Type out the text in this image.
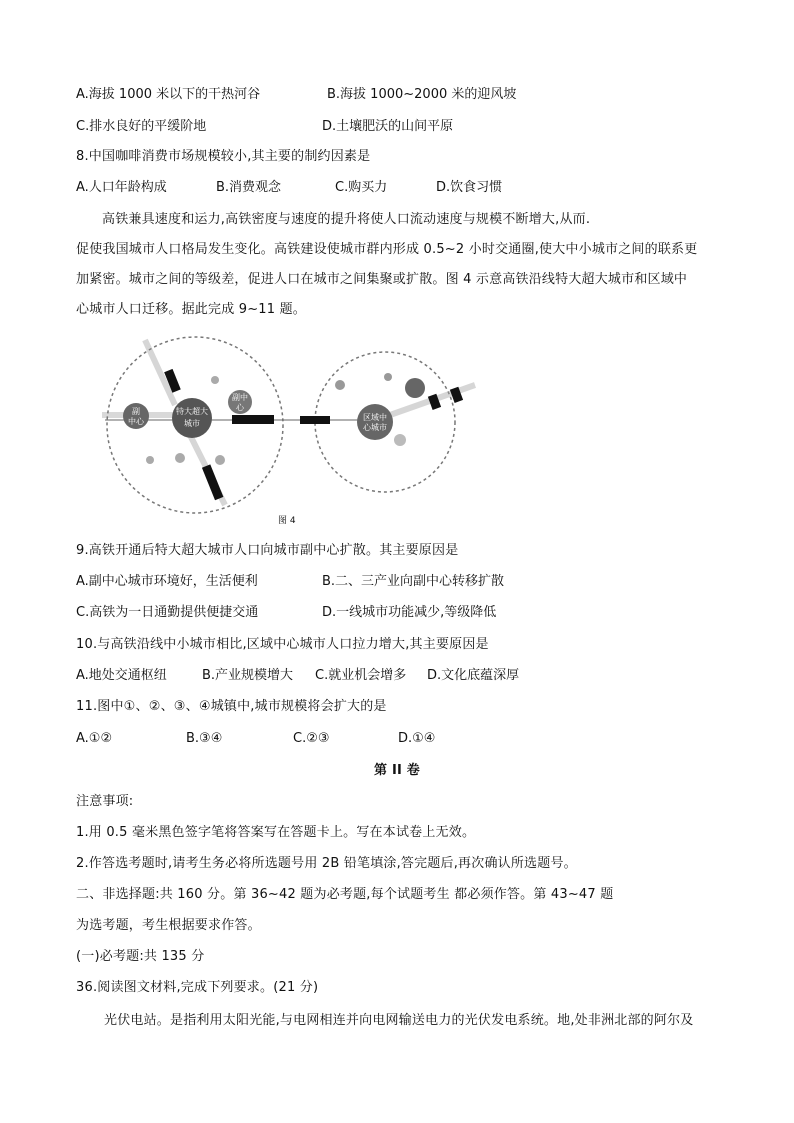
A.海拔 1000 米以下的干热河谷	B.海拔 1000~2000 米的迎风坡
C.排水良好的平缓阶地	D.土壤肥沃的山间平原
8.中国咖啡消费市场规模较小,其主要的制约因素是
A.人口年龄构成	B.消费观念	C.购买力	D.饮食习惯
高铁兼具速度和运力,高铁密度与速度的提升将使人口流动速度与规模不断增大,从而.
促使我国城市人口格局发生变化。高铁建设使城市群内形成 0.5~2 小时交通圈,使大中小城市之间的联系更
加紧密。城市之间的等级差，促进人口在城市之间集聚或扩散。图 4 示意高铁沿线特大超大城市和区域中
心城市人口迁移。据此完成 9~11 题。
特大超大
城市
副
中心
副中
心
区域中
心城市
图 4
9.高铁开通后特大超大城市人口向城市副中心扩散。其主要原因是
A.副中心城市环境好，生活便利	B.二、三产业向副中心转移扩散
C.高铁为一日通勤提供便捷交通	D.一线城市功能减少,等级降低
10.与高铁沿线中小城市相比,区域中心城市人口拉力增大,其主要原因是
A.地处交通枢纽	B.产业规模增大 C.就业机会增多 D.文化底蕴深厚
11.图中①、②、③、④城镇中,城市规模将会扩大的是
A.①②	B.③④	C.②③	D.①④
第 II 卷
注意事项:
1.用 0.5 毫米黑色签字笔将答案写在答题卡上。写在本试卷上无效。
2.作答选考题时,请考生务必将所选题号用 2B 铅笔填涂,答完题后,再次确认所选题号。
二、非选择题:共 160 分。第 36~42 题为必考题,每个试题考生 都必须作答。第 43~47 题
为选考题，考生根据要求作答。
(一)必考题:共 135 分
36.阅读图文材料,完成下列要求。(21 分)
光伏电站。是指利用太阳光能,与电网相连并向电网输送电力的光伏发电系统。地,处非洲北部的阿尔及
